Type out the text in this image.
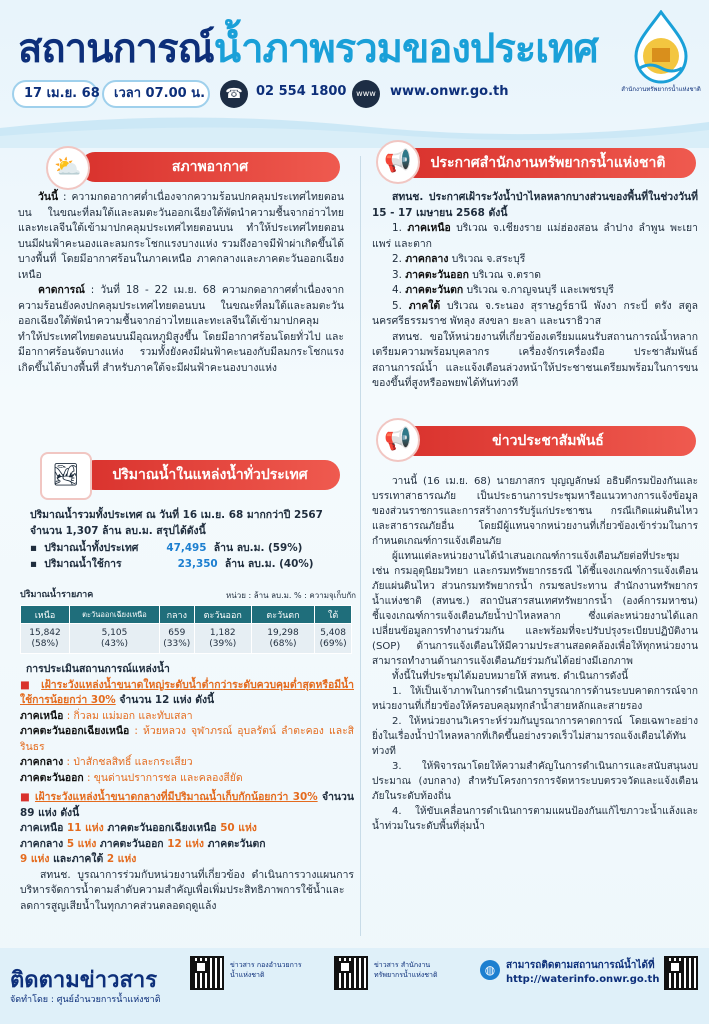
สถานการณ์น้ำภาพรวมของประเทศ
สำนักงานทรัพยากรน้ำแห่งชาติ
17 เม.ย. 68	เวลา 07.00 น.	☎	02 554 1800	www	www.onwr.go.th
สภาพอากาศ
⛅

วันนี้ : ความกดอากาศต่ำเนื่องจากความร้อนปกคลุมประเทศไทยตอนบน ในขณะที่ลมใต้และลมตะวันออกเฉียงใต้พัดนำความชื้นจากอ่าวไทยและทะเลจีนใต้เข้ามาปกคลุมประเทศไทยตอนบน ทำให้ประเทศไทยตอนบนมีฝนฟ้าคะนองและลมกระโชกแรงบางแห่ง รวมถึงอาจมีฟ้าผ่าเกิดขึ้นได้บางพื้นที่ โดยมีอากาศร้อนในภาคเหนือ ภาคกลางและภาคตะวันออกเฉียงเหนือ

คาดการณ์ : วันที่ 18 - 22 เม.ย. 68 ความกดอากาศต่ำเนื่องจากความร้อนยังคงปกคลุมประเทศไทยตอนบน ในขณะที่ลมใต้และลมตะวันออกเฉียงใต้พัดนำความชื้นจากอ่าวไทยและทะเลจีนใต้เข้ามาปกคลุม ทำให้ประเทศไทยตอนบนมีอุณหภูมิสูงขึ้น โดยมีอากาศร้อนโดยทั่วไป และมีอากาศร้อนจัดบางแห่ง รวมทั้งยังคงมีฝนฟ้าคะนองกับมีลมกระโชกแรงเกิดขึ้นได้บางพื้นที่ สำหรับภาคใต้จะมีฝนฟ้าคะนองบางแห่ง

ปริมาณน้ำในแหล่งน้ำทั่วประเทศ
🏞
ปริมาณน้ำรวมทั้งประเทศ ณ วันที่ 16 เม.ย. 68 มากกว่าปี 2567
จำนวน 1,307 ล้าน ลบ.ม. สรุปได้ดังนี้
▪  ปริมาณน้ำทั้งประเทศ	47,495 ล้าน ลบ.ม. (59%)
▪  ปริมาณน้ำใช้การ	23,350 ล้าน ลบ.ม. (40%)
ปริมาณน้ำรายภาค	หน่วย : ล้าน ลบ.ม. % : ความจุเก็บกัก
เหนือ	ตะวันออกเฉียงเหนือ	กลาง	ตะวันออก	ตะวันตก	ใต้
15,842
(58%)	5,105
(43%)	659
(33%)	1,182
(39%)	19,298
(68%)	5,408
(69%)
การประเมินสถานการณ์แหล่งน้ำ
■ เฝ้าระวังแหล่งน้ำขนาดใหญ่ระดับน้ำต่ำกว่าระดับควบคุมต่ำสุดหรือมีน้ำใช้การน้อยกว่า 30% จำนวน 12 แห่ง ดังนี้
ภาคเหนือ : กิ่วลม แม่มอก และทับเสลา
ภาคตะวันออกเฉียงเหนือ : ห้วยหลวง จุฬาภรณ์ อุบลรัตน์ ลำตะคอง และสิรินธร
ภาคกลาง : ป่าสักชลสิทธิ์ และกระเสียว
ภาคตะวันออก : ขุนด่านปราการชล และคลองสียัด
■ เฝ้าระวังแหล่งน้ำขนาดกลางที่มีปริมาณน้ำเก็บกักน้อยกว่า 30% จำนวน 89 แห่ง ดังนี้
ภาคเหนือ 11 แห่ง ภาคตะวันออกเฉียงเหนือ 50 แห่ง
ภาคกลาง 5 แห่ง ภาคตะวันออก 12 แห่ง ภาคตะวันตก
9 แห่ง และภาคใต้ 2 แห่ง

สทนช. บูรณาการร่วมกับหน่วยงานที่เกี่ยวข้อง ดำเนินการวางแผนการบริหารจัดการน้ำตามลำดับความสำคัญเพื่อเพิ่มประสิทธิภาพการใช้น้ำและลดการสูญเสียน้ำในทุกภาคส่วนตลอดฤดูแล้ง

ประกาศสำนักงานทรัพยากรน้ำแห่งชาติ
📢

สทนช. ประกาศเฝ้าระวังน้ำป่าไหลหลากบางส่วนของพื้นที่ในช่วงวันที่ 15 - 17 เมษายน 2568 ดังนี้

1. ภาคเหนือ บริเวณ จ.เชียงราย แม่ฮ่องสอน ลำปาง ลำพูน พะเยา แพร่ และตาก
2. ภาคกลาง บริเวณ จ.สระบุรี
3. ภาคตะวันออก บริเวณ จ.ตราด
4. ภาคตะวันตก บริเวณ จ.กาญจนบุรี และเพชรบุรี
5. ภาคใต้ บริเวณ จ.ระนอง สุราษฎร์ธานี พังงา กระบี่ ตรัง สตูล นครศรีธรรมราช พัทลุง สงขลา ยะลา และนราธิวาส

สทนช. ขอให้หน่วยงานที่เกี่ยวข้องเตรียมแผนรับสถานการณ์น้ำหลาก เตรียมความพร้อมบุคลากร เครื่องจักรเครื่องมือ ประชาสัมพันธ์สถานการณ์น้ำ และแจ้งเตือนล่วงหน้าให้ประชาชนเตรียมพร้อมในการขนของขึ้นที่สูงหรืออพยพได้ทันท่วงที

ข่าวประชาสัมพันธ์
📢

วานนี้ (16 เม.ย. 68) นายภาสกร บุญญลักษม์ อธิบดีกรมป้องกันและบรรเทาสาธารณภัย เป็นประธานการประชุมหารือแนวทางการแจ้งข้อมูลของส่วนราชการและการสร้างการรับรู้แก่ประชาชน กรณีเกิดแผ่นดินไหวและสาธารณภัยอื่น โดยมีผู้แทนจากหน่วยงานที่เกี่ยวข้องเข้าร่วมในการกำหนดเกณฑ์การแจ้งเตือนภัย

ผู้แทนแต่ละหน่วยงานได้นำเสนอเกณฑ์การแจ้งเตือนภัยต่อที่ประชุม เช่น กรมอุตุนิยมวิทยา และกรมทรัพยากรธรณี ได้ชี้แจงเกณฑ์การแจ้งเตือนภัยแผ่นดินไหว ส่วนกรมทรัพยากรน้ำ กรมชลประทาน สำนักงานทรัพยากรน้ำแห่งชาติ (สทนช.) สถาบันสารสนเทศทรัพยากรน้ำ (องค์การมหาชน) ชี้แจงเกณฑ์การแจ้งเตือนภัยน้ำป่าไหลหลาก ซึ่งแต่ละหน่วยงานได้แลกเปลี่ยนข้อมูลการทำงานร่วมกัน และพร้อมที่จะปรับปรุงระเบียบปฏิบัติงาน (SOP) ด้านการแจ้งเตือนให้มีความประสานสอดคล้องเพื่อให้ทุกหน่วยงานสามารถทำงานด้านการแจ้งเตือนภัยร่วมกันได้อย่างมีเอกภาพ

ทั้งนี้ในที่ประชุมได้มอบหมายให้ สทนช. ดำเนินการดังนี้

1. ให้เป็นเจ้าภาพในการดำเนินการบูรณาการด้านระบบคาดการณ์จากหน่วยงานที่เกี่ยวข้องให้ครอบคลุมทุกลำน้ำสายหลักและสายรอง

2. ให้หน่วยงานวิเคราะห์ร่วมกันบูรณาการคาดการณ์ โดยเฉพาะอย่างยิ่งในเรื่องน้ำป่าไหลหลากที่เกิดขึ้นอย่างรวดเร็วไม่สามารถแจ้งเตือนได้ทันท่วงที

3. ให้พิจารณาโดยให้ความสำคัญในการดำเนินการและสนับสนุนงบประมาณ (งบกลาง) สำหรับโครงการการจัดหาระบบตรวจวัดและแจ้งเตือนภัยในระดับท้องถิ่น

4. ให้ขับเคลื่อนการดำเนินการตามแผนป้องกันแก้ไขภาวะน้ำแล้งและน้ำท่วมในระดับพื้นที่ลุ่มน้ำ

ติดตามข่าวสาร
จัดทำโดย : ศูนย์อำนวยการน้ำแห่งชาติ
ข่าวสาร กองอำนวยการน้ำแห่งชาติ
ข่าวสาร สำนักงานทรัพยากรน้ำแห่งชาติ	◍	สามารถติดตามสถานการณ์น้ำได้ที่
http://waterinfo.onwr.go.th
